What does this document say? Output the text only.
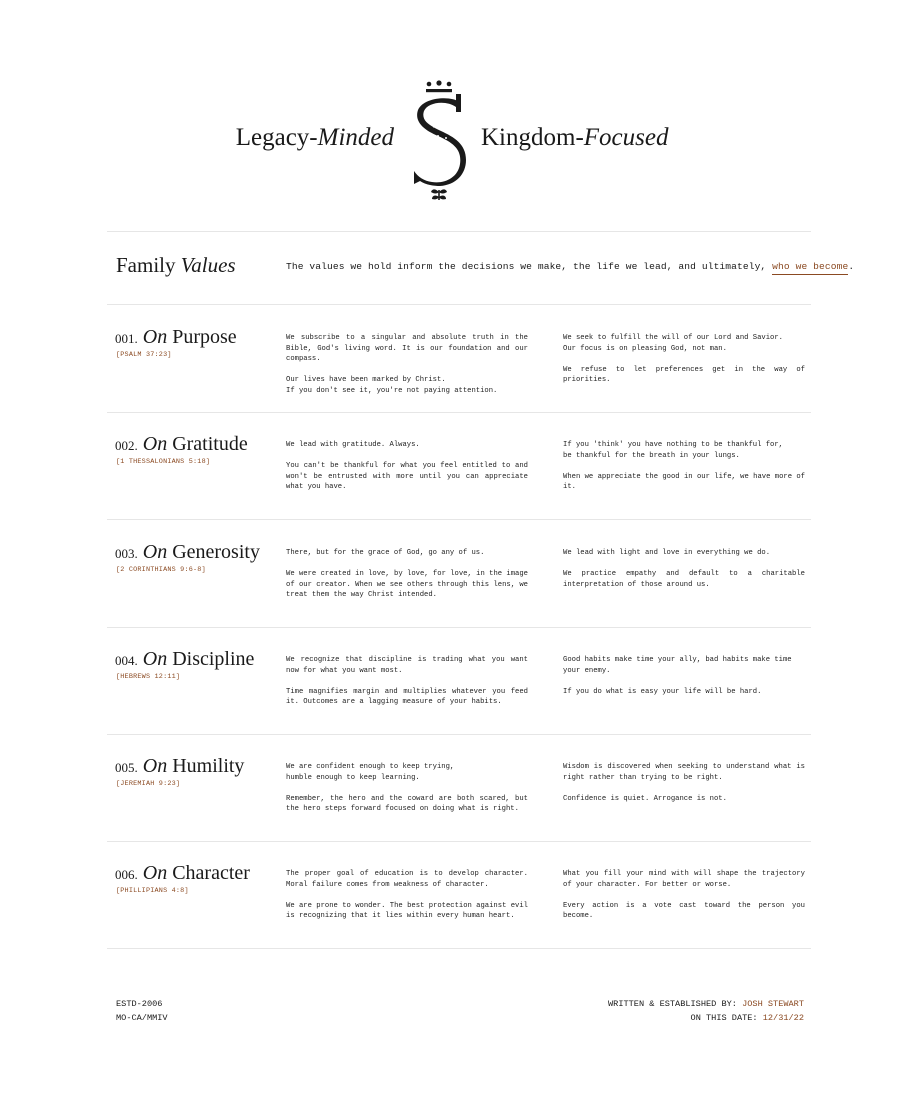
Legacy-Minded	Kingdom-Focused
Family Values	The values we hold inform the decisions we make, the life we lead, and ultimately, who we become.
001. On Purpose
[PSALM 37:23]

We subscribe to a singular and absolute truth in the Bible, God's living word. It is our foundation and our compass.

Our lives have been marked by Christ.
If you don't see it, you're not paying attention.

We seek to fulfill the will of our Lord and Savior.
Our focus is on pleasing God, not man.

We refuse to let preferences get in the way of priorities.

002. On Gratitude
[1 THESSALONIANS 5:18]

We lead with gratitude. Always.

You can't be thankful for what you feel entitled to and won't be entrusted with more until you can appreciate what you have.

If you 'think' you have nothing to be thankful for,
be thankful for the breath in your lungs.

When we appreciate the good in our life, we have more of it.

003. On Generosity
[2 CORINTHIANS 9:6-8]

There, but for the grace of God, go any of us.

We were created in love, by love, for love, in the image of our creator. When we see others through this lens, we treat them the way Christ intended.

We lead with light and love in everything we do.

We practice empathy and default to a charitable interpretation of those around us.

004. On Discipline
[HEBREWS 12:11]

We recognize that discipline is trading what you want now for what you want most.

Time magnifies margin and multiplies whatever you feed it. Outcomes are a lagging measure of your habits.

Good habits make time your ally, bad habits make time
your enemy.

If you do what is easy your life will be hard.

005. On Humility
[JEREMIAH 9:23]

We are confident enough to keep trying,
humble enough to keep learning.

Remember, the hero and the coward are both scared, but the hero steps forward focused on doing what is right.

Wisdom is discovered when seeking to understand what is right rather than trying to be right.

Confidence is quiet. Arrogance is not.

006. On Character
[PHILLIPIANS 4:8]

The proper goal of education is to develop character. Moral failure comes from weakness of character.

We are prone to wonder. The best protection against evil is recognizing that it lies within every human heart.

What you fill your mind with will shape the trajectory of your character. For better or worse.

Every action is a vote cast toward the person you become.

ESTD-2006
MO-CA/MMIV
WRITTEN & ESTABLISHED BY: JOSH STEWART
ON THIS DATE: 12/31/22
